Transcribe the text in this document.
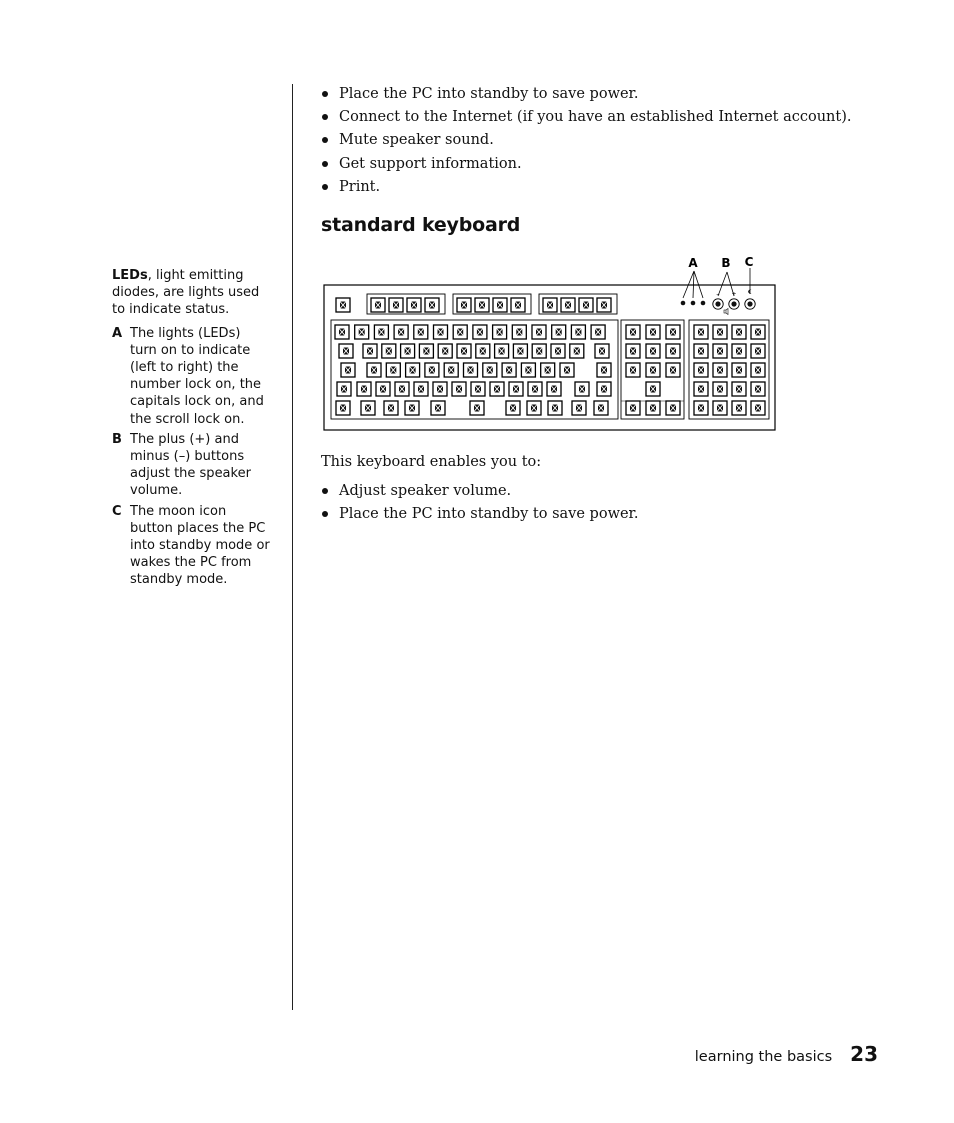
LEDs, light emitting diodes, are lights used to indicate status.

A The lights (LEDs) turn on to indicate (left to right) the number lock on, the capitals lock on, and the scroll lock on.
B The plus (+) and minus (–) buttons adjust the speaker volume.
C The moon icon button places the PC into standby mode or wakes the PC from standby mode.
Place the PC into standby to save power.
Connect to the Internet (if you have an established Internet account).
Mute speaker sound.
Get support information.
Print.
standard keyboard
– +
A B C

This keyboard enables you to:

Adjust speaker volume.
Place the PC into standby to save power.
learning the basics 23
